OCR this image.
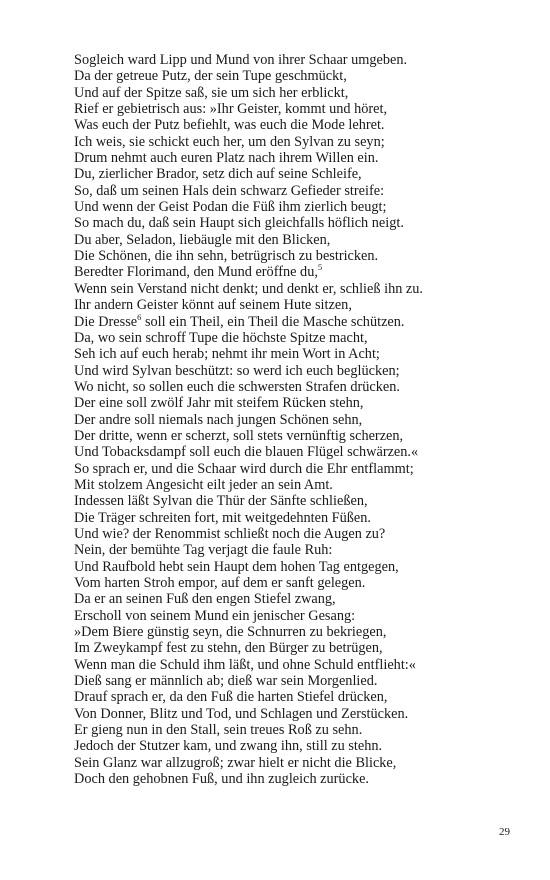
Sogleich ward Lipp und Mund von ihrer Schaar umgeben.
Da der getreue Putz, der sein Tupe geschmückt,
Und auf der Spitze saß, sie um sich her erblickt,
Rief er gebietrisch aus: »Ihr Geister, kommt und höret,
Was euch der Putz befiehlt, was euch die Mode lehret.
Ich weis, sie schickt euch her, um den Sylvan zu seyn;
Drum nehmt auch euren Platz nach ihrem Willen ein.
Du, zierlicher Brador, setz dich auf seine Schleife,
So, daß um seinen Hals dein schwarz Gefieder streife:
Und wenn der Geist Podan die Füß ihm zierlich beugt;
So mach du, daß sein Haupt sich gleichfalls höflich neigt.
Du aber, Seladon, liebäugle mit den Blicken,
Die Schönen, die ihn sehn, betrügrisch zu bestricken.
Beredter Florimand, den Mund eröffne du,$^5$
Wenn sein Verstand nicht denkt; und denkt er, schließ ihn zu.
Ihr andern Geister könnt auf seinem Hute sitzen,
Die Dresse$^6$ soll ein Theil, ein Theil die Masche schützen.
Da, wo sein schroff Tupe die höchste Spitze macht,
Seh ich auf euch herab; nehmt ihr mein Wort in Acht;
Und wird Sylvan beschützt: so werd ich euch beglücken;
Wo nicht, so sollen euch die schwersten Strafen drücken.
Der eine soll zwölf Jahr mit steifem Rücken stehn,
Der andre soll niemals nach jungen Schönen sehn,
Der dritte, wenn er scherzt, soll stets vernünftig scherzen,
Und Tobacksdampf soll euch die blauen Flügel schwärzen.«
So sprach er, und die Schaar wird durch die Ehr entflammt;
Mit stolzem Angesicht eilt jeder an sein Amt.
Indessen läßt Sylvan die Thür der Sänfte schließen,
Die Träger schreiten fort, mit weitgedehnten Füßen.
Und wie? der Renommist schließt noch die Augen zu?
Nein, der bemühte Tag verjagt die faule Ruh:
Und Raufbold hebt sein Haupt dem hohen Tag entgegen,
Vom harten Stroh empor, auf dem er sanft gelegen.
Da er an seinen Fuß den engen Stiefel zwang,
Erscholl von seinem Mund ein jenischer Gesang:
»Dem Biere günstig seyn, die Schnurren zu bekriegen,
Im Zweykampf fest zu stehn, den Bürger zu betrügen,
Wenn man die Schuld ihm läßt, und ohne Schuld entflieht:«
Dieß sang er männlich ab; dieß war sein Morgenlied.
Drauf sprach er, da den Fuß die harten Stiefel drücken,
Von Donner, Blitz und Tod, und Schlagen und Zerstücken.
Er gieng nun in den Stall, sein treues Roß zu sehn.
Jedoch der Stutzer kam, und zwang ihn, still zu stehn.
Sein Glanz war allzugroß; zwar hielt er nicht die Blicke,
Doch den gehobnen Fuß, und ihn zugleich zurücke.
29
